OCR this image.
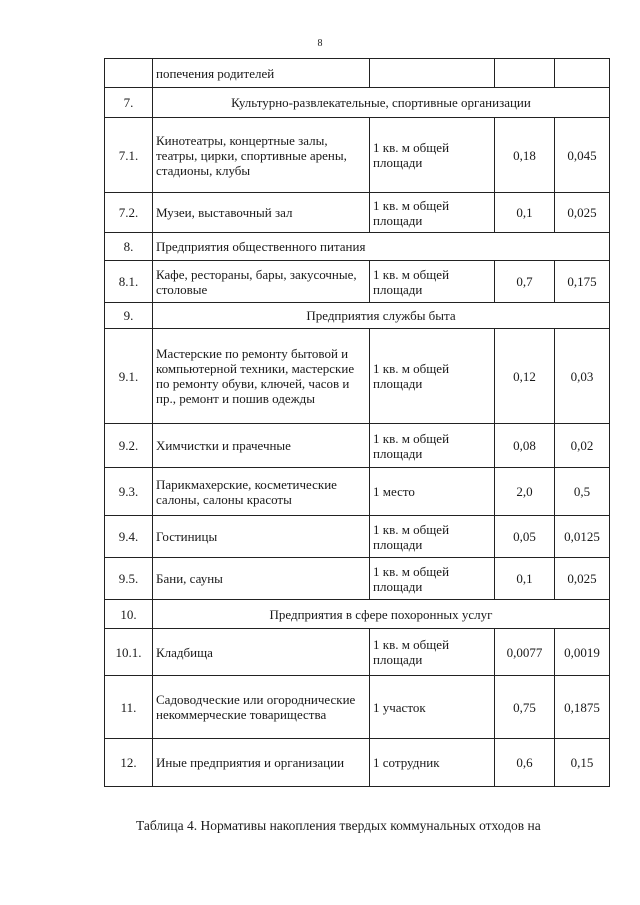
8
	попечения родителей			
7.	Культурно-развлекательные, спортивные организации			
7.1.	Кинотеатры, концертные залы, театры, цирки, спортивные арены, стадионы, клубы	1 кв. м общей площади	0,18	0,045
7.2.	Музеи, выставочный зал	1 кв. м общей площади	0,1	0,025
8.	Предприятия общественного питания			
8.1.	Кафе, рестораны, бары, закусочные, столовые	1 кв. м общей площади	0,7	0,175
9.	Предприятия службы быта			
9.1.	Мастерские по ремонту бытовой и компьютерной техники, мастерские по ремонту обуви, ключей, часов и пр., ремонт и пошив одежды	1 кв. м общей площади	0,12	0,03
9.2.	Химчистки и прачечные	1 кв. м общей площади	0,08	0,02
9.3.	Парикмахерские, косметические салоны, салоны красоты	1 место	2,0	0,5
9.4.	Гостиницы	1 кв. м общей площади	0,05	0,0125
9.5.	Бани, сауны	1 кв. м общей площади	0,1	0,025
10.	Предприятия в сфере похоронных услуг			
10.1.	Кладбища	1 кв. м общей площади	0,0077	0,0019
11.	Садоводческие или огороднические некоммерческие товарищества	1 участок	0,75	0,1875
12.	Иные предприятия и организации	1 сотрудник	0,6	0,15
Таблица 4. Нормативы накопления твердых коммунальных отходов на
